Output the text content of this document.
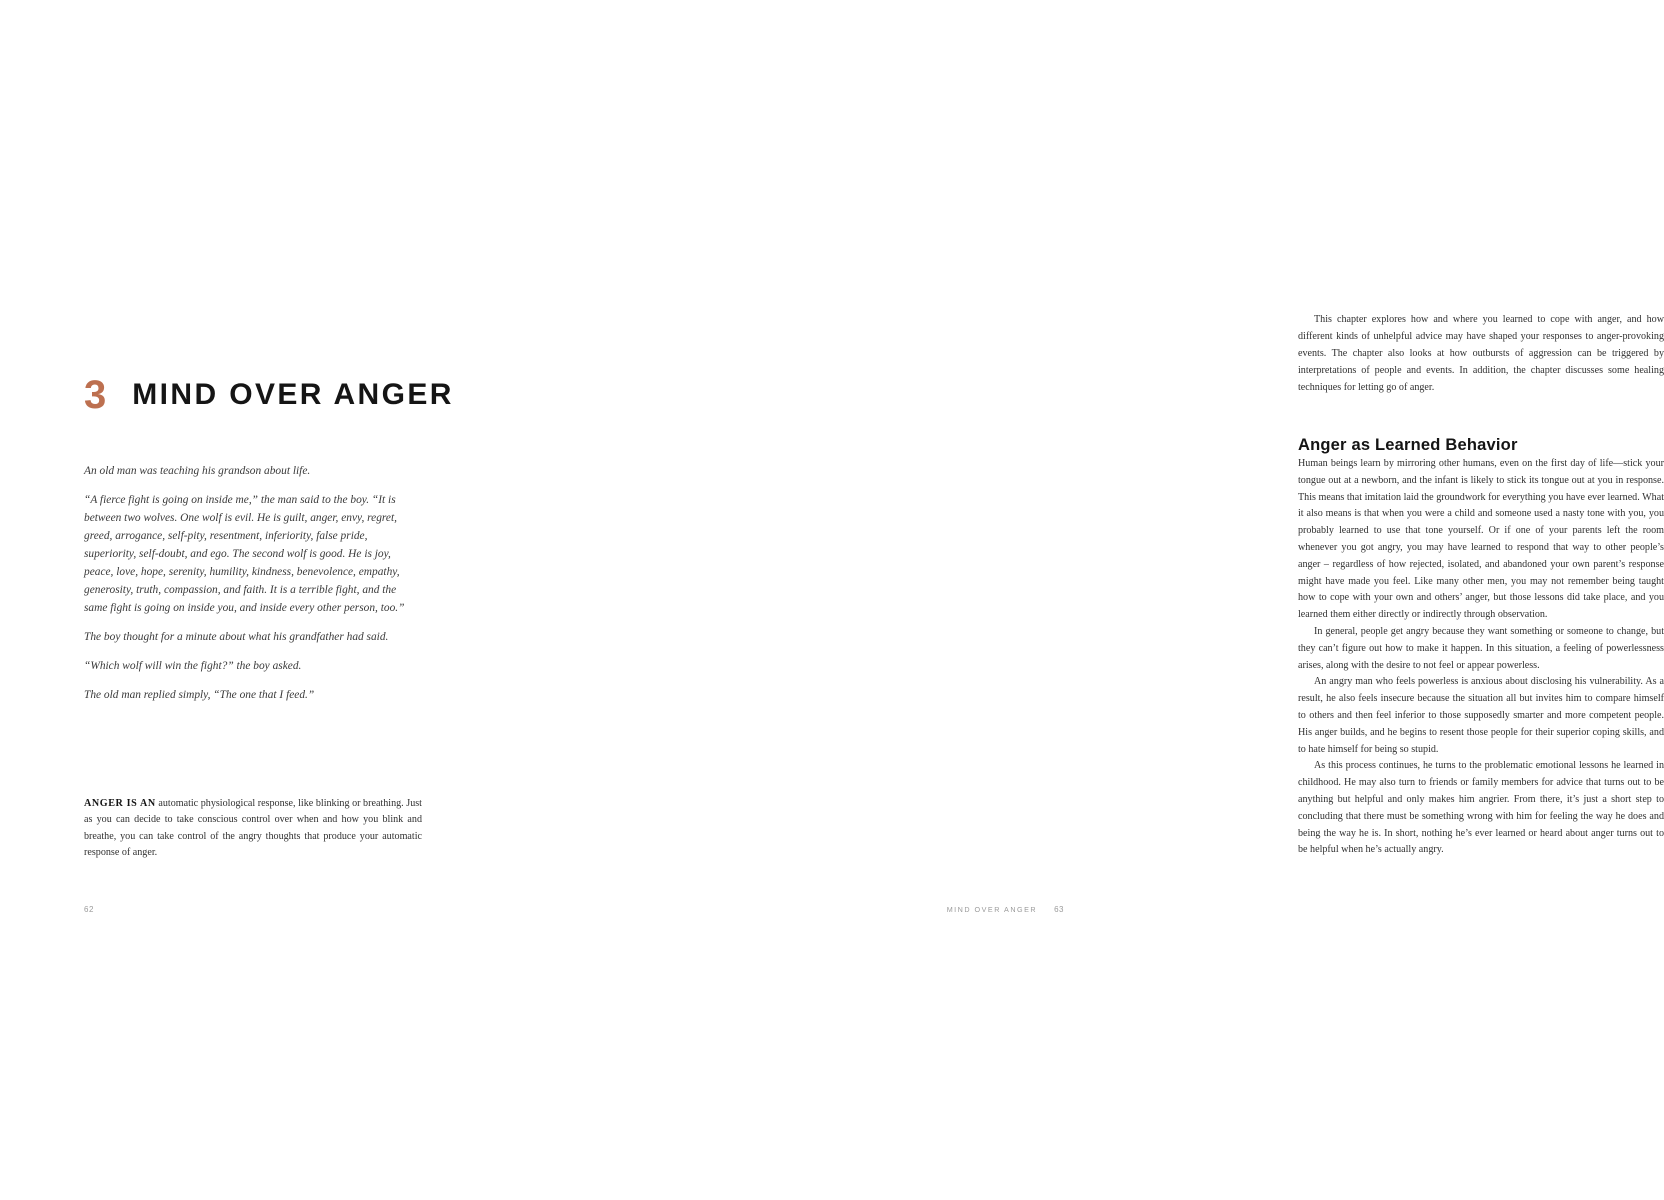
3 MIND OVER ANGER

An old man was teaching his grandson about life.

“A fierce fight is going on inside me,” the man said to the boy. “It is between two wolves. One wolf is evil. He is guilt, anger, envy, regret, greed, arrogance, self-pity, resentment, inferiority, false pride, superiority, self-doubt, and ego. The second wolf is good. He is joy, peace, love, hope, serenity, humility, kindness, benevolence, empathy, generosity, truth, compassion, and faith. It is a terrible fight, and the same fight is going on inside you, and inside every other person, too.”

The boy thought for a minute about what his grandfather had said.

“Which wolf will win the fight?” the boy asked.

The old man replied simply, “The one that I feed.”

ANGER IS AN automatic physiological response, like blinking or breathing. Just as you can decide to take conscious control over when and how you blink and breathe, you can take control of the angry thoughts that produce your automatic response of anger.

62

This chapter explores how and where you learned to cope with anger, and how different kinds of unhelpful advice may have shaped your responses to anger-provoking events. The chapter also looks at how outbursts of aggression can be triggered by interpretations of people and events. In addition, the chapter discusses some healing techniques for letting go of anger.

Anger as Learned Behavior

Human beings learn by mirroring other humans, even on the first day of life—stick your tongue out at a newborn, and the infant is likely to stick its tongue out at you in response. This means that imitation laid the groundwork for everything you have ever learned. What it also means is that when you were a child and someone used a nasty tone with you, you probably learned to use that tone yourself. Or if one of your parents left the room whenever you got angry, you may have learned to respond that way to other people’s anger – regardless of how rejected, isolated, and abandoned your own parent’s response might have made you feel. Like many other men, you may not remember being taught how to cope with your own and others’ anger, but those lessons did take place, and you learned them either directly or indirectly through observation.

In general, people get angry because they want something or someone to change, but they can’t figure out how to make it happen. In this situation, a feeling of powerlessness arises, along with the desire to not feel or appear powerless.

An angry man who feels powerless is anxious about disclosing his vulnerability. As a result, he also feels insecure because the situation all but invites him to compare himself to others and then feel inferior to those supposedly smarter and more competent people. His anger builds, and he begins to resent those people for their superior coping skills, and to hate himself for being so stupid.

As this process continues, he turns to the problematic emotional lessons he learned in childhood. He may also turn to friends or family members for advice that turns out to be anything but helpful and only makes him angrier. From there, it’s just a short step to concluding that there must be something wrong with him for feeling the way he does and being the way he is. In short, nothing he’s ever learned or heard about anger turns out to be helpful when he’s actually angry.

MIND OVER ANGER 63
